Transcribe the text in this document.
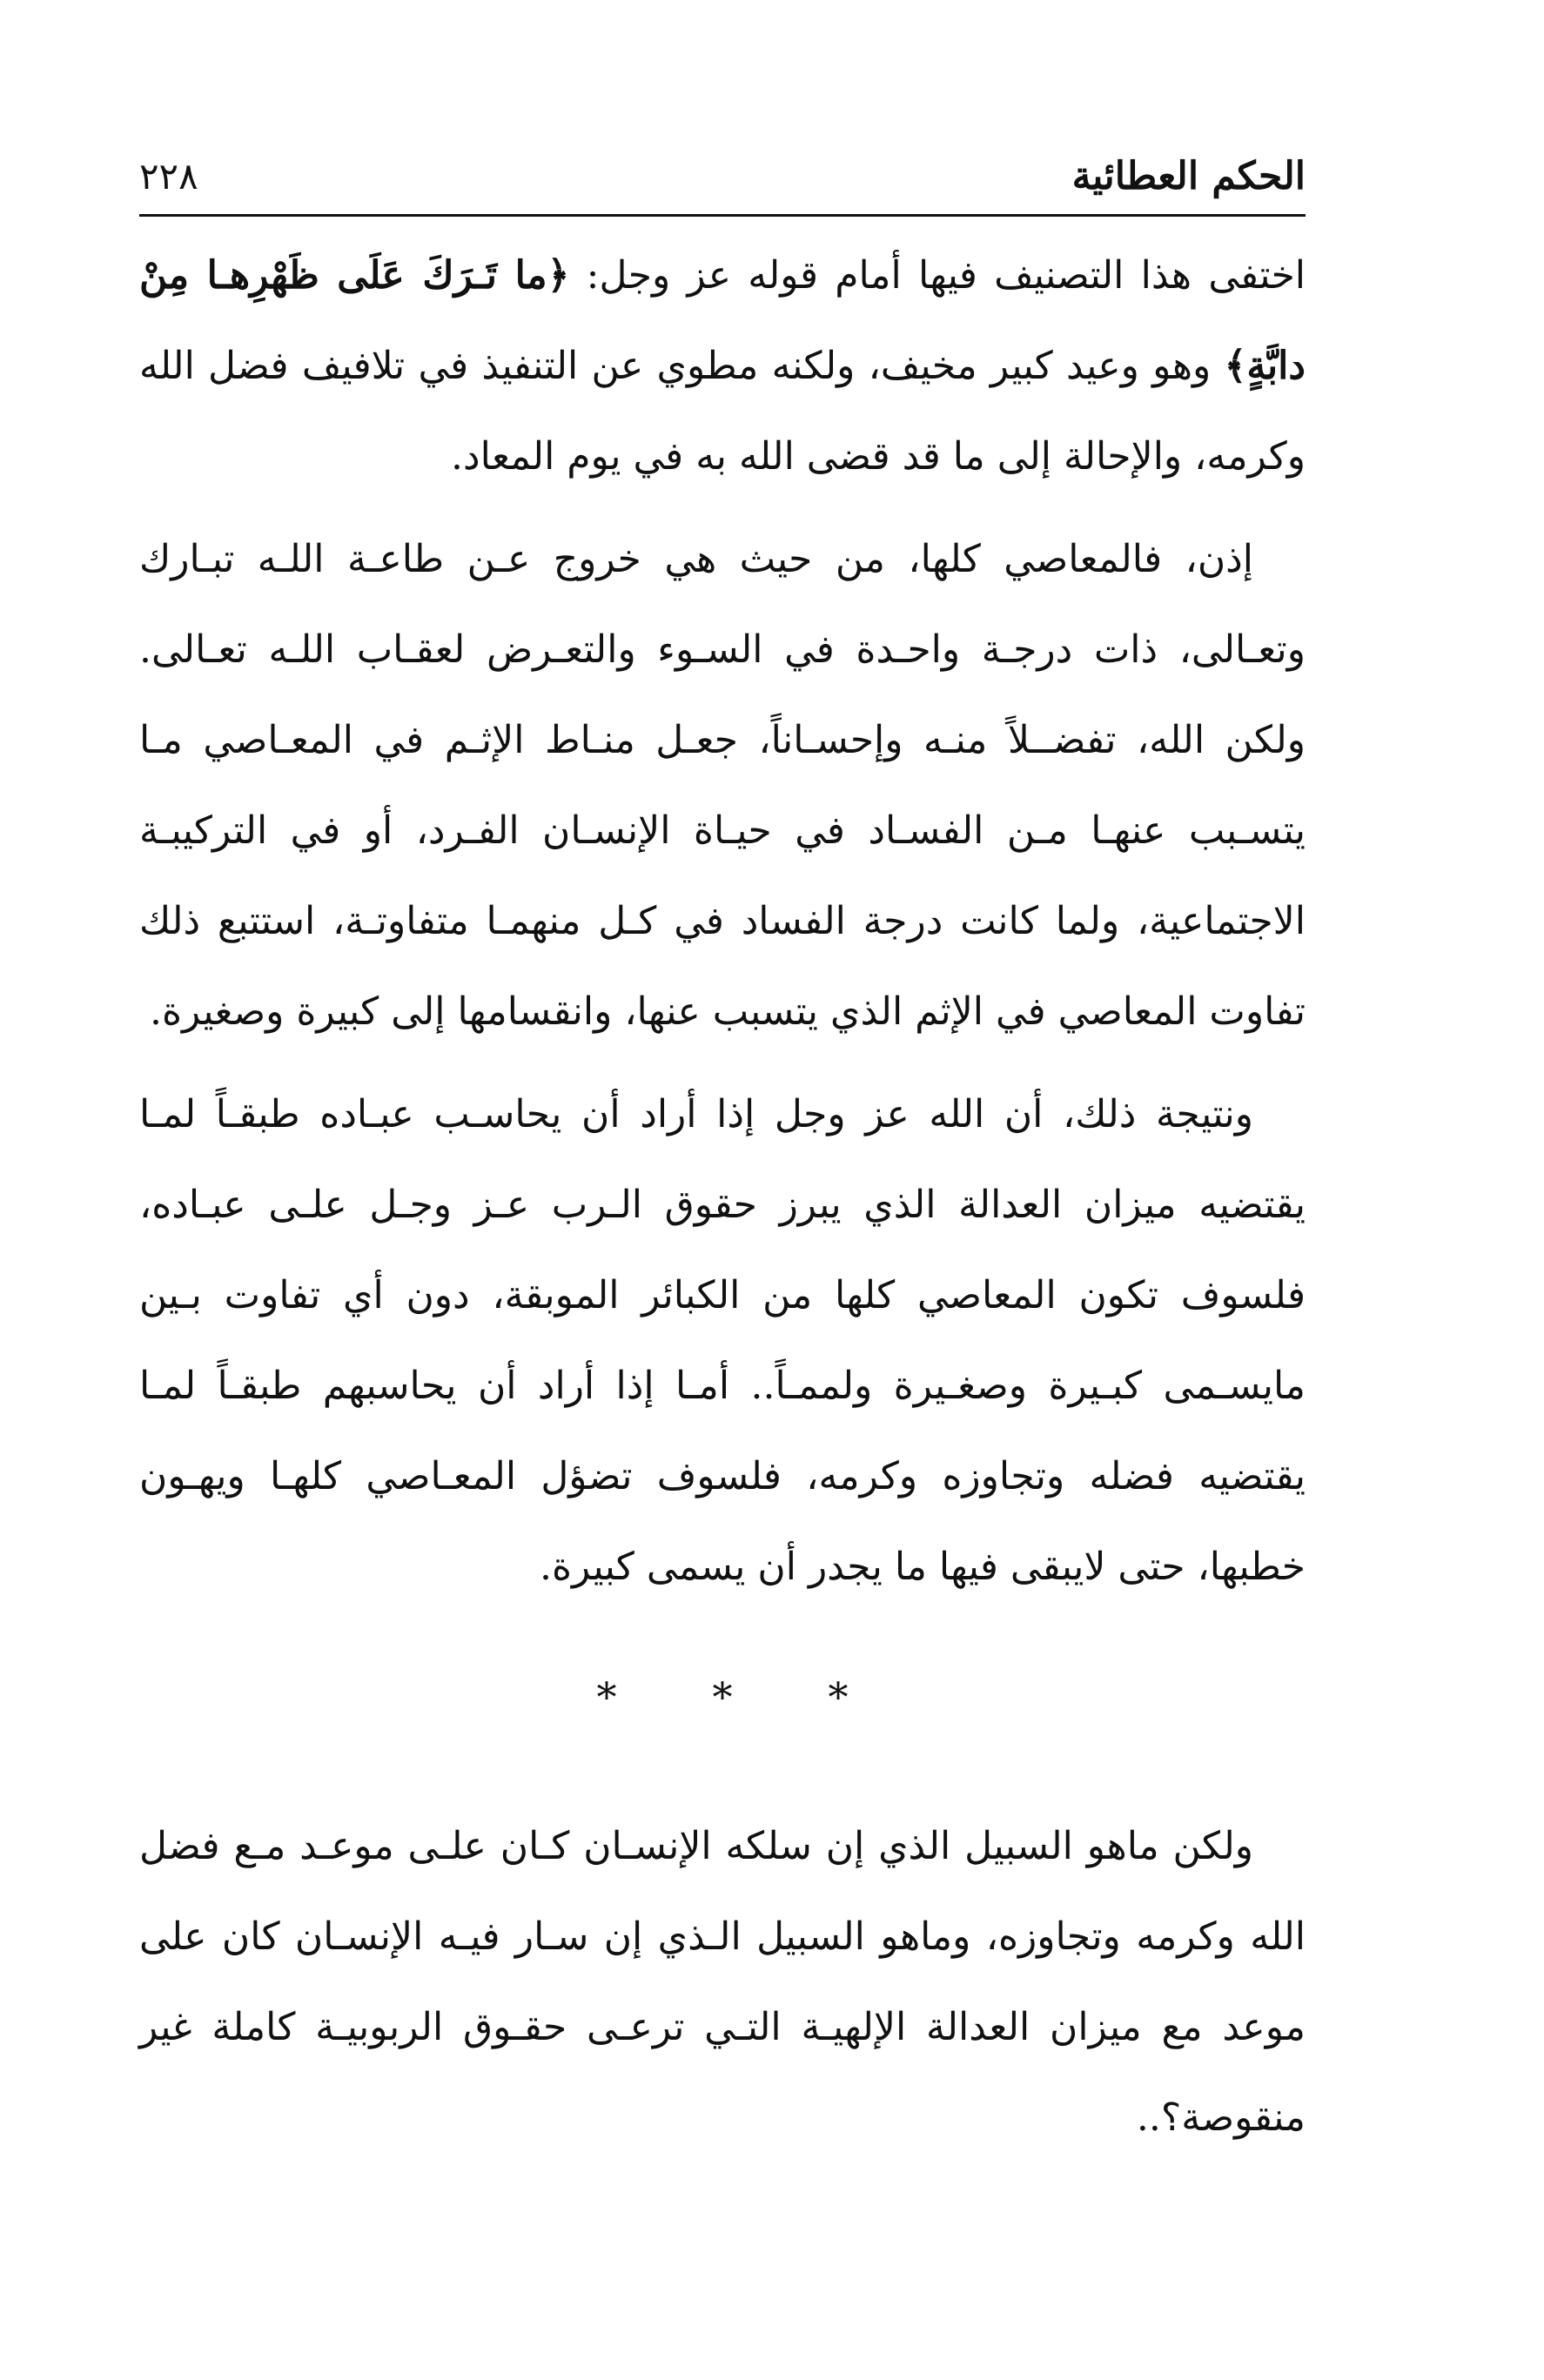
الحكم العطائية
٢٢٨

اختفى هذا التصنيف فيها أمام قوله عز وجل: ﴿ما تَـرَكَ عَلَى ظَهْرِهـا مِنْ دابَّةٍ﴾ وهو وعيد كبير مخيف، ولكنه مطوي عن التنفيذ في تلافيف فضل الله وكرمه، والإحالة إلى ما قد قضى الله به في يوم المعاد.

إذن، فالمعاصي كلها، من حيث هي خروج عـن طاعـة اللـه تبـارك وتعـالى، ذات درجـة واحـدة في السـوء والتعـرض لعقـاب اللـه تعـالى. ولكن الله، تفضــلاً منـه وإحسـاناً، جعـل منـاط الإثـم في المعـاصي مـا يتسـبب عنهـا مـن الفسـاد في حيـاة الإنسـان الفـرد، أو في التركيبـة الاجتماعية، ولما كانت درجة الفساد في كـل منهمـا متفاوتـة، استتبع ذلك تفاوت المعاصي في الإثم الذي يتسبب عنها، وانقسامها إلى كبيرة وصغيرة.

ونتيجة ذلك، أن الله عز وجل إذا أراد أن يحاسـب عبـاده طبقـاً لمـا يقتضيه ميزان العدالة الذي يبرز حقوق الـرب عـز وجـل علـى عبـاده، فلسوف تكون المعاصي كلها من الكبائر الموبقة، دون أي تفاوت بـين مايسـمى كبـيرة وصغـيرة ولممـاً.. أمـا إذا أراد أن يحاسبهم طبقـاً لمـا يقتضيه فضله وتجاوزه وكرمه، فلسوف تضؤل المعـاصي كلهـا ويهـون خطبها، حتى لايبقى فيها ما يجدر أن يسمى كبيرة.

* * *

ولكن ماهو السبيل الذي إن سلكه الإنسـان كـان علـى موعـد مـع فضل الله وكرمه وتجاوزه، وماهو السبيل الـذي إن سـار فيـه الإنسـان كان على موعد مع ميزان العدالة الإلهيـة التـي ترعـى حقـوق الربوبيـة كاملة غير منقوصة؟..
